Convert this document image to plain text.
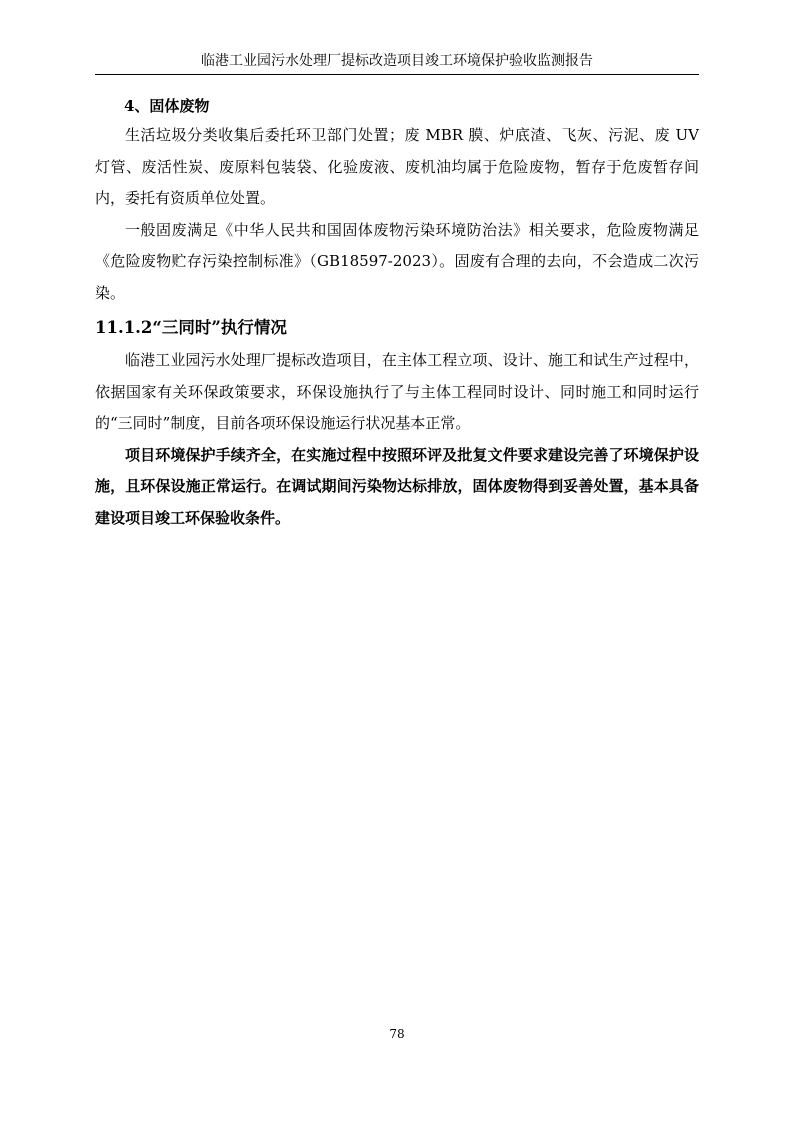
临港工业园污水处理厂提标改造项目竣工环境保护验收监测报告
4、固体废物

生活垃圾分类收集后委托环卫部门处置；废 MBR 膜、炉底渣、飞灰、污泥、废 UV 灯管、废活性炭、废原料包装袋、化验废液、废机油均属于危险废物，暂存于危废暂存间内，委托有资质单位处置。

一般固废满足《中华人民共和国固体废物污染环境防治法》相关要求，危险废物满足《危险废物贮存污染控制标准》（GB18597-2023）。固废有合理的去向，不会造成二次污染。

11.1.2“三同时”执行情况

临港工业园污水处理厂提标改造项目，在主体工程立项、设计、施工和试生产过程中，依据国家有关环保政策要求，环保设施执行了与主体工程同时设计、同时施工和同时运行的“三同时”制度，目前各项环保设施运行状况基本正常。

项目环境保护手续齐全，在实施过程中按照环评及批复文件要求建设完善了环境保护设施，且环保设施正常运行。在调试期间污染物达标排放，固体废物得到妥善处置，基本具备建设项目竣工环保验收条件。

78
